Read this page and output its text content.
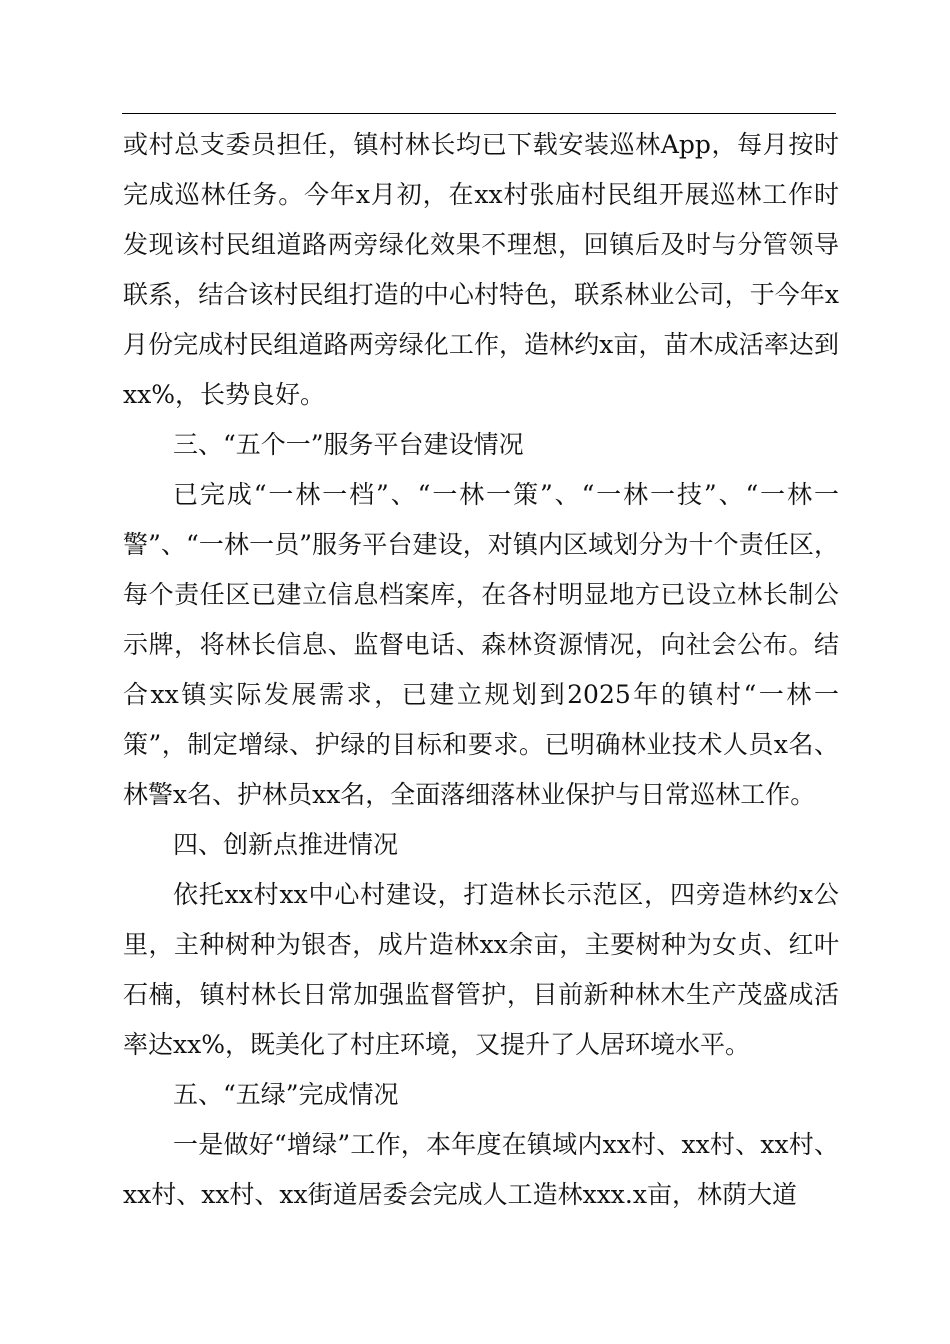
或村总支委员担任，镇村林长均已下载安装巡林App，每月按时完成巡林任务。今年x月初，在xx村张庙村民组开展巡林工作时发现该村民组道路两旁绿化效果不理想，回镇后及时与分管领导联系，结合该村民组打造的中心村特色，联系林业公司，于今年x月份完成村民组道路两旁绿化工作，造林约x亩，苗木成活率达到xx%，长势良好。

三、“五个一”服务平台建设情况

已完成“一林一档”、“一林一策”、“一林一技”、“一林一警”、“一林一员”服务平台建设，对镇内区域划分为十个责任区，每个责任区已建立信息档案库，在各村明显地方已设立林长制公示牌，将林长信息、监督电话、森林资源情况，向社会公布。结合xx镇实际发展需求，已建立规划到2025年的镇村“一林一策”，制定增绿、护绿的目标和要求。已明确林业技术人员x名、林警x名、护林员xx名，全面落细落林业保护与日常巡林工作。

四、创新点推进情况

依托xx村xx中心村建设，打造林长示范区，四旁造林约x公里，主种树种为银杏，成片造林xx余亩，主要树种为女贞、红叶石楠，镇村林长日常加强监督管护，目前新种林木生产茂盛成活率达xx%，既美化了村庄环境，又提升了人居环境水平。

五、“五绿”完成情况

一是做好“增绿”工作，本年度在镇域内xx村、xx村、xx村、xx村、xx村、xx街道居委会完成人工造林xxx.x亩，林荫大道
